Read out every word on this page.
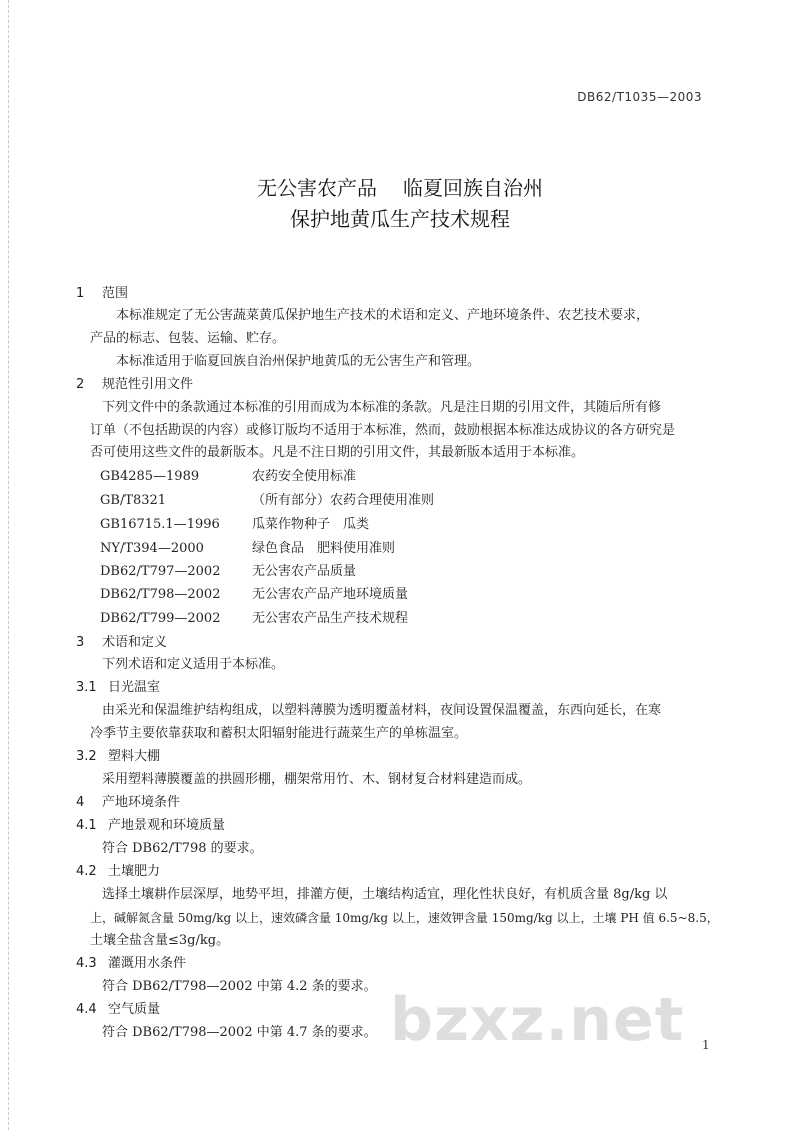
DB62/T1035—2003
无公害农产品 临夏回族自治州
保护地黄瓜生产技术规程
1 范围
本标准规定了无公害蔬菜黄瓜保护地生产技术的术语和定义、产地环境条件、农艺技术要求，
产品的标志、包装、运输、贮存。
本标准适用于临夏回族自治州保护地黄瓜的无公害生产和管理。
2 规范性引用文件
下列文件中的条款通过本标准的引用而成为本标准的条款。凡是注日期的引用文件，其随后所有修
订单（不包括勘误的内容）或修订版均不适用于本标准，然而，鼓励根据本标准达成协议的各方研究是
否可使用这些文件的最新版本。凡是不注日期的引用文件，其最新版本适用于本标准。
GB4285—1989	农药安全使用标准
GB/T8321	（所有部分）农药合理使用准则
GB16715.1—1996 瓜菜作物种子　瓜类
NY/T394—2000	绿色食品　肥料使用准则
DB62/T797—2002 无公害农产品质量
DB62/T798—2002 无公害农产品产地环境质量
DB62/T799—2002 无公害农产品生产技术规程
3 术语和定义
下列术语和定义适用于本标准。
3.1 日光温室
由采光和保温维护结构组成，以塑料薄膜为透明覆盖材料，夜间设置保温覆盖，东西向延长，在寒
冷季节主要依靠获取和蓄积太阳辐射能进行蔬菜生产的单栋温室。
3.2 塑料大棚
采用塑料薄膜覆盖的拱圆形棚，棚架常用竹、木、钢材复合材料建造而成。
4 产地环境条件
4.1 产地景观和环境质量
符合 DB62/T798 的要求。
4.2 土壤肥力
选择土壤耕作层深厚，地势平坦，排灌方便，土壤结构适宜，理化性状良好，有机质含量 8g/kg 以
上，碱解氮含量 50mg/kg 以上，速效磷含量 10mg/kg 以上，速效钾含量 150mg/kg 以上，土壤 PH 值 6.5~8.5，
土壤全盐含量≤3g/kg。
4.3 灌溉用水条件
符合 DB62/T798—2002 中第 4.2 条的要求。
4.4 空气质量
符合 DB62/T798—2002 中第 4.7 条的要求。 bzxz.net	1
